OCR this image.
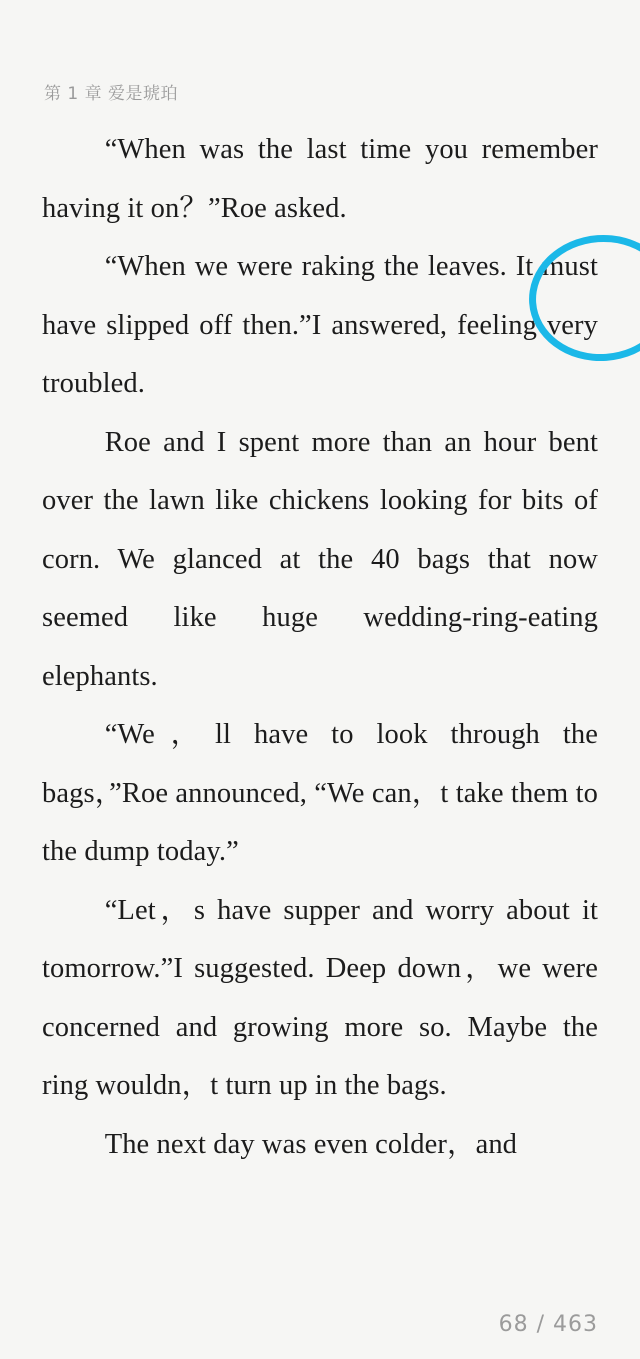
第 1 章 爱是琥珀

“When was the last time you remember having it on？”Roe asked.

“When we were raking the leaves. It must have slipped off then.”I answered, feeling very troubled.

Roe and I spent more than an hour bent over the lawn like chickens looking for bits of corn. We glanced at the 40 bags that now seemed like huge wedding-ring-eating elephants.

“We，ll have to look through the bags，”Roe announced, “We can，t take them to the dump today.”

“Let，s have supper and worry about it tomorrow.”I suggested. Deep down，we were concerned and growing more so. Maybe the ring wouldn，t turn up in the bags.

The next day was even colder，and

68 / 463
